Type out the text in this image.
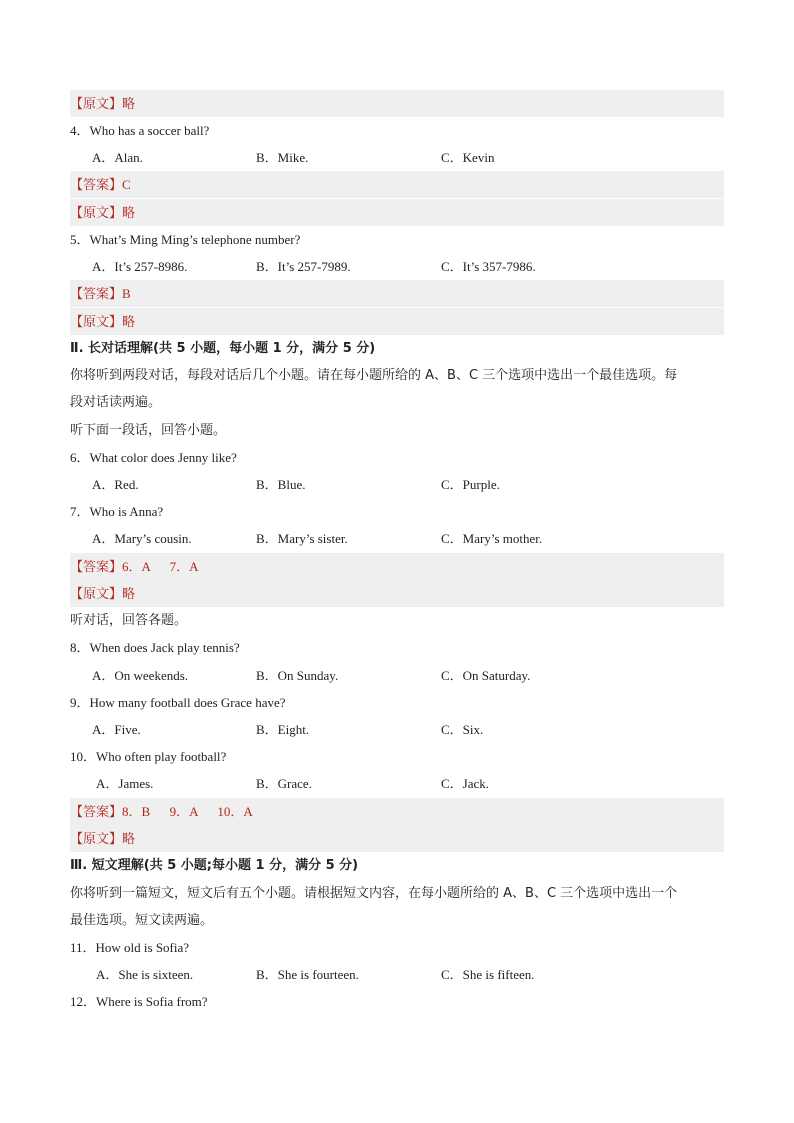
【原文】略
4．Who has a soccer ball?
A．Alan.	B．Mike.	C．Kevin
【答案】C
【原文】略
5．What’s Ming Ming’s telephone number?
A．It’s 257-8986.	B．It’s 257-7989.	C．It’s 357-7986.
【答案】B
【原文】略
Ⅱ. 长对话理解(共 5 小题，每小题 1 分，满分 5 分)
你将听到两段对话，每段对话后几个小题。请在每小题所给的 A、B、C 三个选项中选出一个最佳选项。每
段对话读两遍。
听下面一段话，回答小题。
6．What color does Jenny like?
A．Red.	B．Blue.	C．Purple.
7．Who is Anna?
A．Mary’s cousin.	B．Mary’s sister.	C．Mary’s mother.
【答案】6．A      7．A
【原文】略
听对话，回答各题。
8．When does Jack play tennis?
A．On weekends.	B．On Sunday.	C．On Saturday.
9．How many football does Grace have?
A．Five.	B．Eight.	C．Six.
10．Who often play football?
A．James.	B．Grace.	C．Jack.
【答案】8．B      9．A      10．A
【原文】略
Ⅲ. 短文理解(共 5 小题;每小题 1 分，满分 5 分)
你将听到一篇短文，短文后有五个小题。请根据短文内容，在每小题所给的 A、B、C 三个选项中选出一个
最佳选项。短文读两遍。
11．How old is Sofia?
A．She is sixteen.	B．She is fourteen.	C．She is fifteen.
12．Where is Sofia from?
